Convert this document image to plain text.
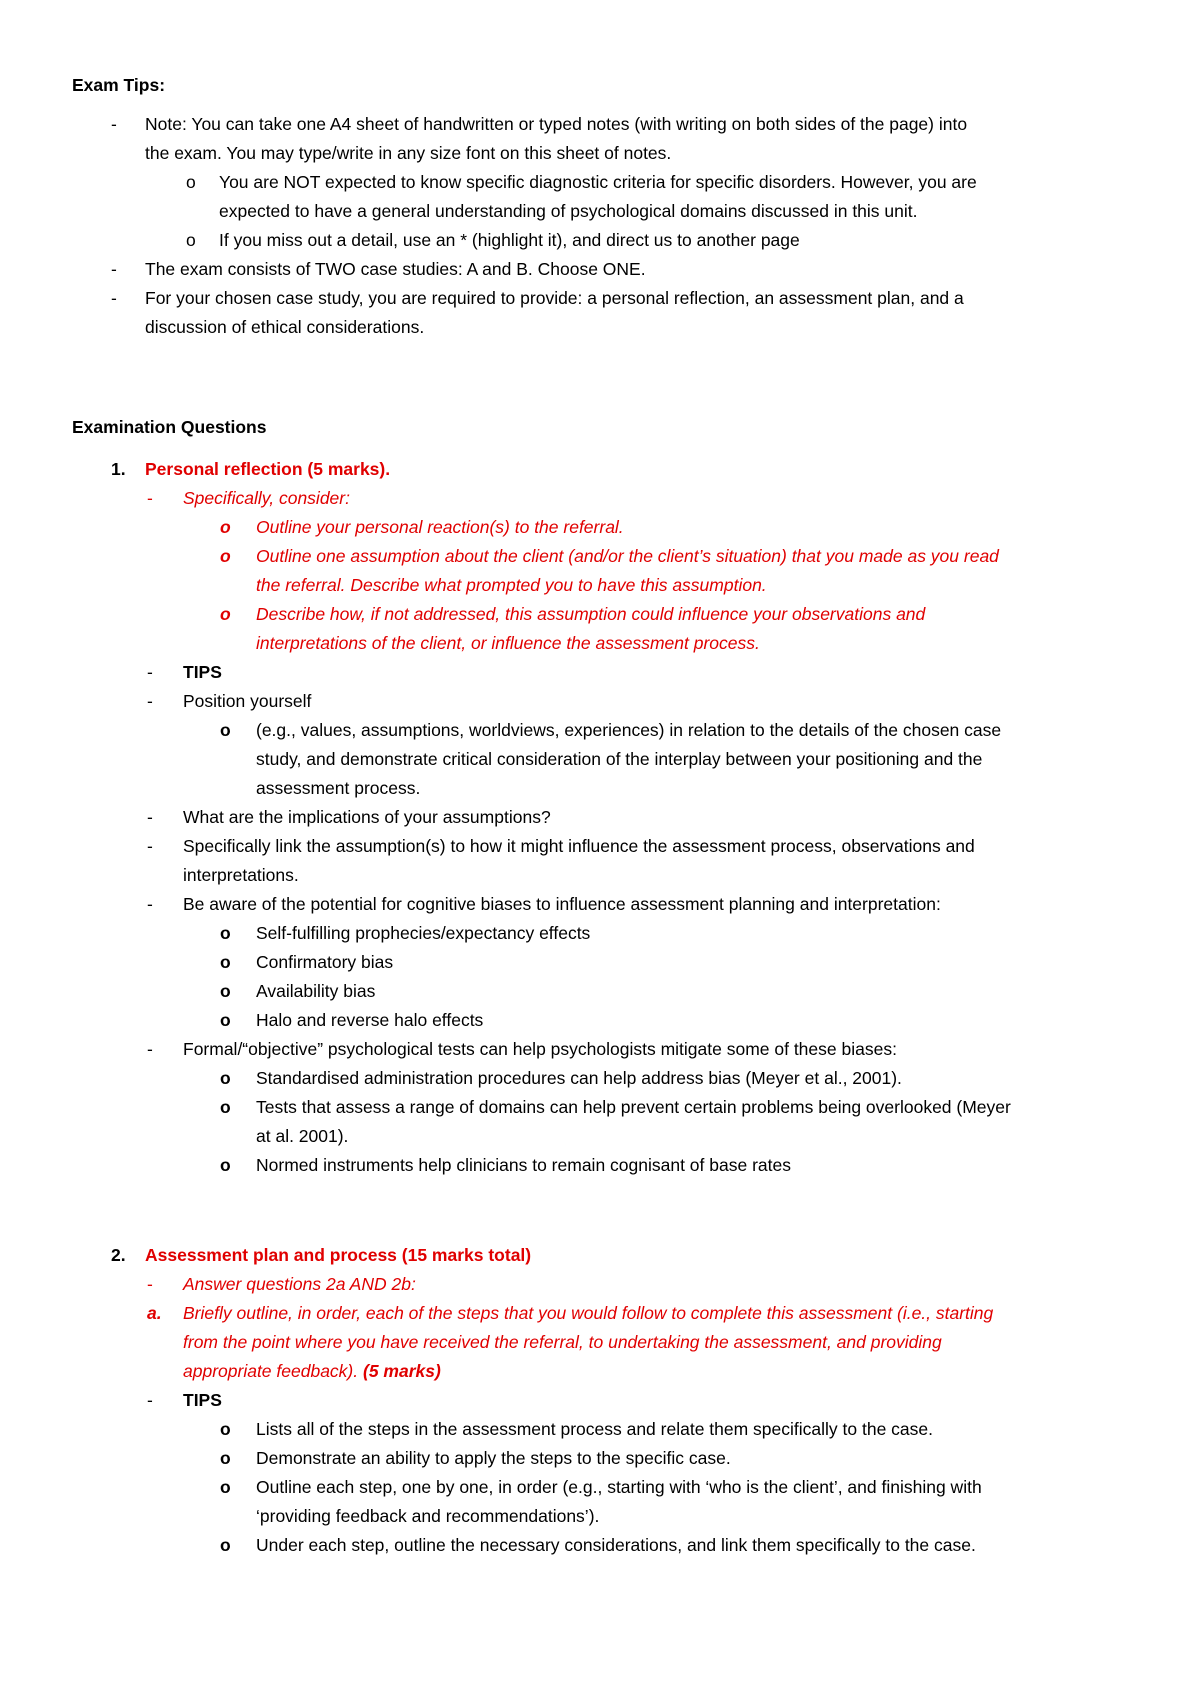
Exam Tips:
- Note: You can take one A4 sheet of handwritten or typed notes (with writing on both sides of the page) into
the exam. You may type/write in any size font on this sheet of notes.
o You are NOT expected to know specific diagnostic criteria for specific disorders. However, you are
expected to have a general understanding of psychological domains discussed in this unit.
o If you miss out a detail, use an * (highlight it), and direct us to another page
- The exam consists of TWO case studies: A and B. Choose ONE.
- For your chosen case study, you are required to provide: a personal reflection, an assessment plan, and a
discussion of ethical considerations.
Examination Questions
1. Personal reflection (5 marks).
- Specifically, consider:
o Outline your personal reaction(s) to the referral.
o Outline one assumption about the client (and/or the client’s situation) that you made as you read
the referral. Describe what prompted you to have this assumption.
o Describe how, if not addressed, this assumption could influence your observations and
interpretations of the client, or influence the assessment process.
- TIPS
- Position yourself
o (e.g., values, assumptions, worldviews, experiences) in relation to the details of the chosen case
study, and demonstrate critical consideration of the interplay between your positioning and the
assessment process.
- What are the implications of your assumptions?
- Specifically link the assumption(s) to how it might influence the assessment process, observations and
interpretations.
- Be aware of the potential for cognitive biases to influence assessment planning and interpretation:
o Self-fulfilling prophecies/expectancy effects
o Confirmatory bias
o Availability bias
o Halo and reverse halo effects
- Formal/“objective” psychological tests can help psychologists mitigate some of these biases:
o Standardised administration procedures can help address bias (Meyer et al., 2001).
o Tests that assess a range of domains can help prevent certain problems being overlooked (Meyer
at al. 2001).
o Normed instruments help clinicians to remain cognisant of base rates
2. Assessment plan and process (15 marks total)
- Answer questions 2a AND 2b:
a. Briefly outline, in order, each of the steps that you would follow to complete this assessment (i.e., starting
from the point where you have received the referral, to undertaking the assessment, and providing
appropriate feedback). (5 marks)
- TIPS
o Lists all of the steps in the assessment process and relate them specifically to the case.
o Demonstrate an ability to apply the steps to the specific case.
o Outline each step, one by one, in order (e.g., starting with ‘who is the client’, and finishing with
‘providing feedback and recommendations’).
o Under each step, outline the necessary considerations, and link them specifically to the case.
